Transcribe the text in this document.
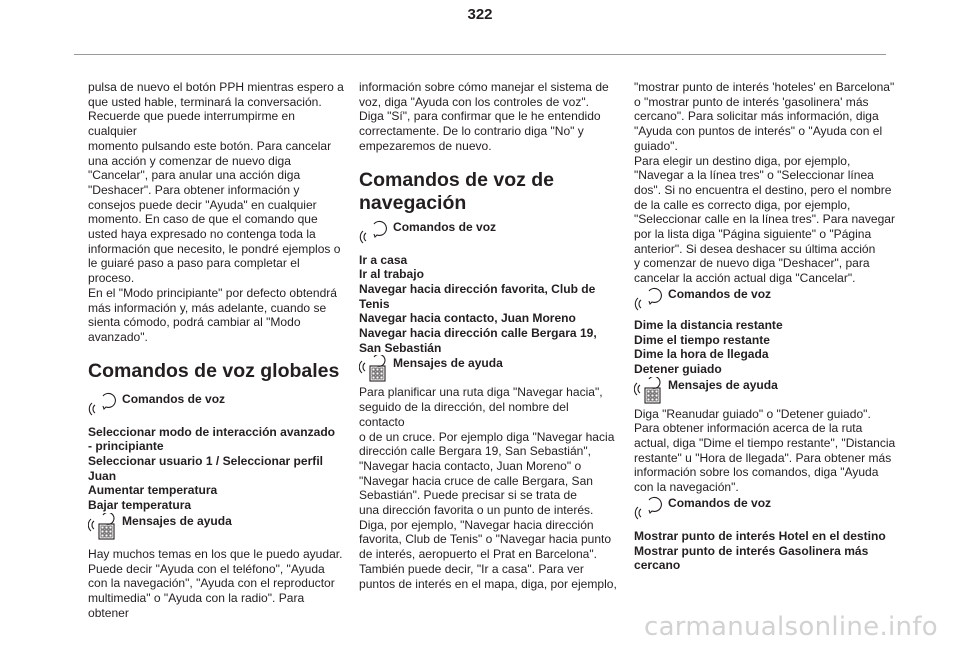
322

pulsa de nuevo el botón PPH mientras espero a
que usted hable, terminará la conversación.
Recuerde que puede interrumpirme en cualquier
momento pulsando este botón. Para cancelar
una acción y comenzar de nuevo diga
"Cancelar", para anular una acción diga
"Deshacer". Para obtener información y
consejos puede decir "Ayuda" en cualquier
momento. En caso de que el comando que
usted haya expresado no contenga toda la
información que necesito, le pondré ejemplos o
le guiaré paso a paso para completar el proceso.
En el "Modo principiante" por defecto obtendrá
más información y, más adelante, cuando se
sienta cómodo, podrá cambiar al "Modo
avanzado".

Comandos de voz globales
Comandos de voz

Seleccionar modo de interacción avanzado
- principiante
Seleccionar usuario 1 / Seleccionar perfil
Juan
Aumentar temperatura
Bajar temperatura

Mensajes de ayuda

Hay muchos temas en los que le puedo ayudar.
Puede decir "Ayuda con el teléfono", "Ayuda
con la navegación", "Ayuda con el reproductor
multimedia" o "Ayuda con la radio". Para obtener

información sobre cómo manejar el sistema de
voz, diga "Ayuda con los controles de voz".
Diga "Sí", para confirmar que le he entendido
correctamente. De lo contrario diga "No" y
empezaremos de nuevo.

Comandos de voz de
navegación
Comandos de voz

Ir a casa
Ir al trabajo
Navegar hacia dirección favorita, Club de
Tenis
Navegar hacia contacto, Juan Moreno
Navegar hacia dirección calle Bergara 19,
San Sebastián

Mensajes de ayuda

Para planificar una ruta diga "Navegar hacia",
seguido de la dirección, del nombre del contacto
o de un cruce. Por ejemplo diga "Navegar hacia
dirección calle Bergara 19, San Sebastián",
"Navegar hacia contacto, Juan Moreno" o
"Navegar hacia cruce de calle Bergara, San
Sebastián". Puede precisar si se trata de
una dirección favorita o un punto de interés.
Diga, por ejemplo, "Navegar hacia dirección
favorita, Club de Tenis" o "Navegar hacia punto
de interés, aeropuerto el Prat en Barcelona".
También puede decir, "Ir a casa". Para ver
puntos de interés en el mapa, diga, por ejemplo,

"mostrar punto de interés 'hoteles' en Barcelona"
o "mostrar punto de interés 'gasolinera' más
cercano". Para solicitar más información, diga
"Ayuda con puntos de interés" o "Ayuda con el
guiado".
Para elegir un destino diga, por ejemplo,
"Navegar a la línea tres" o "Seleccionar línea
dos". Si no encuentra el destino, pero el nombre
de la calle es correcto diga, por ejemplo,
"Seleccionar calle en la línea tres". Para navegar
por la lista diga "Página siguiente" o "Página
anterior". Si desea deshacer su última acción
y comenzar de nuevo diga "Deshacer", para
cancelar la acción actual diga "Cancelar".

Comandos de voz

Dime la distancia restante
Dime el tiempo restante
Dime la hora de llegada
Detener guiado

Mensajes de ayuda

Diga "Reanudar guiado" o "Detener guiado".
Para obtener información acerca de la ruta
actual, diga "Dime el tiempo restante", "Distancia
restante" u "Hora de llegada". Para obtener más
información sobre los comandos, diga "Ayuda
con la navegación".

Comandos de voz

Mostrar punto de interés Hotel en el destino
Mostrar punto de interés Gasolinera más
cercano

carmanualsonline.info
